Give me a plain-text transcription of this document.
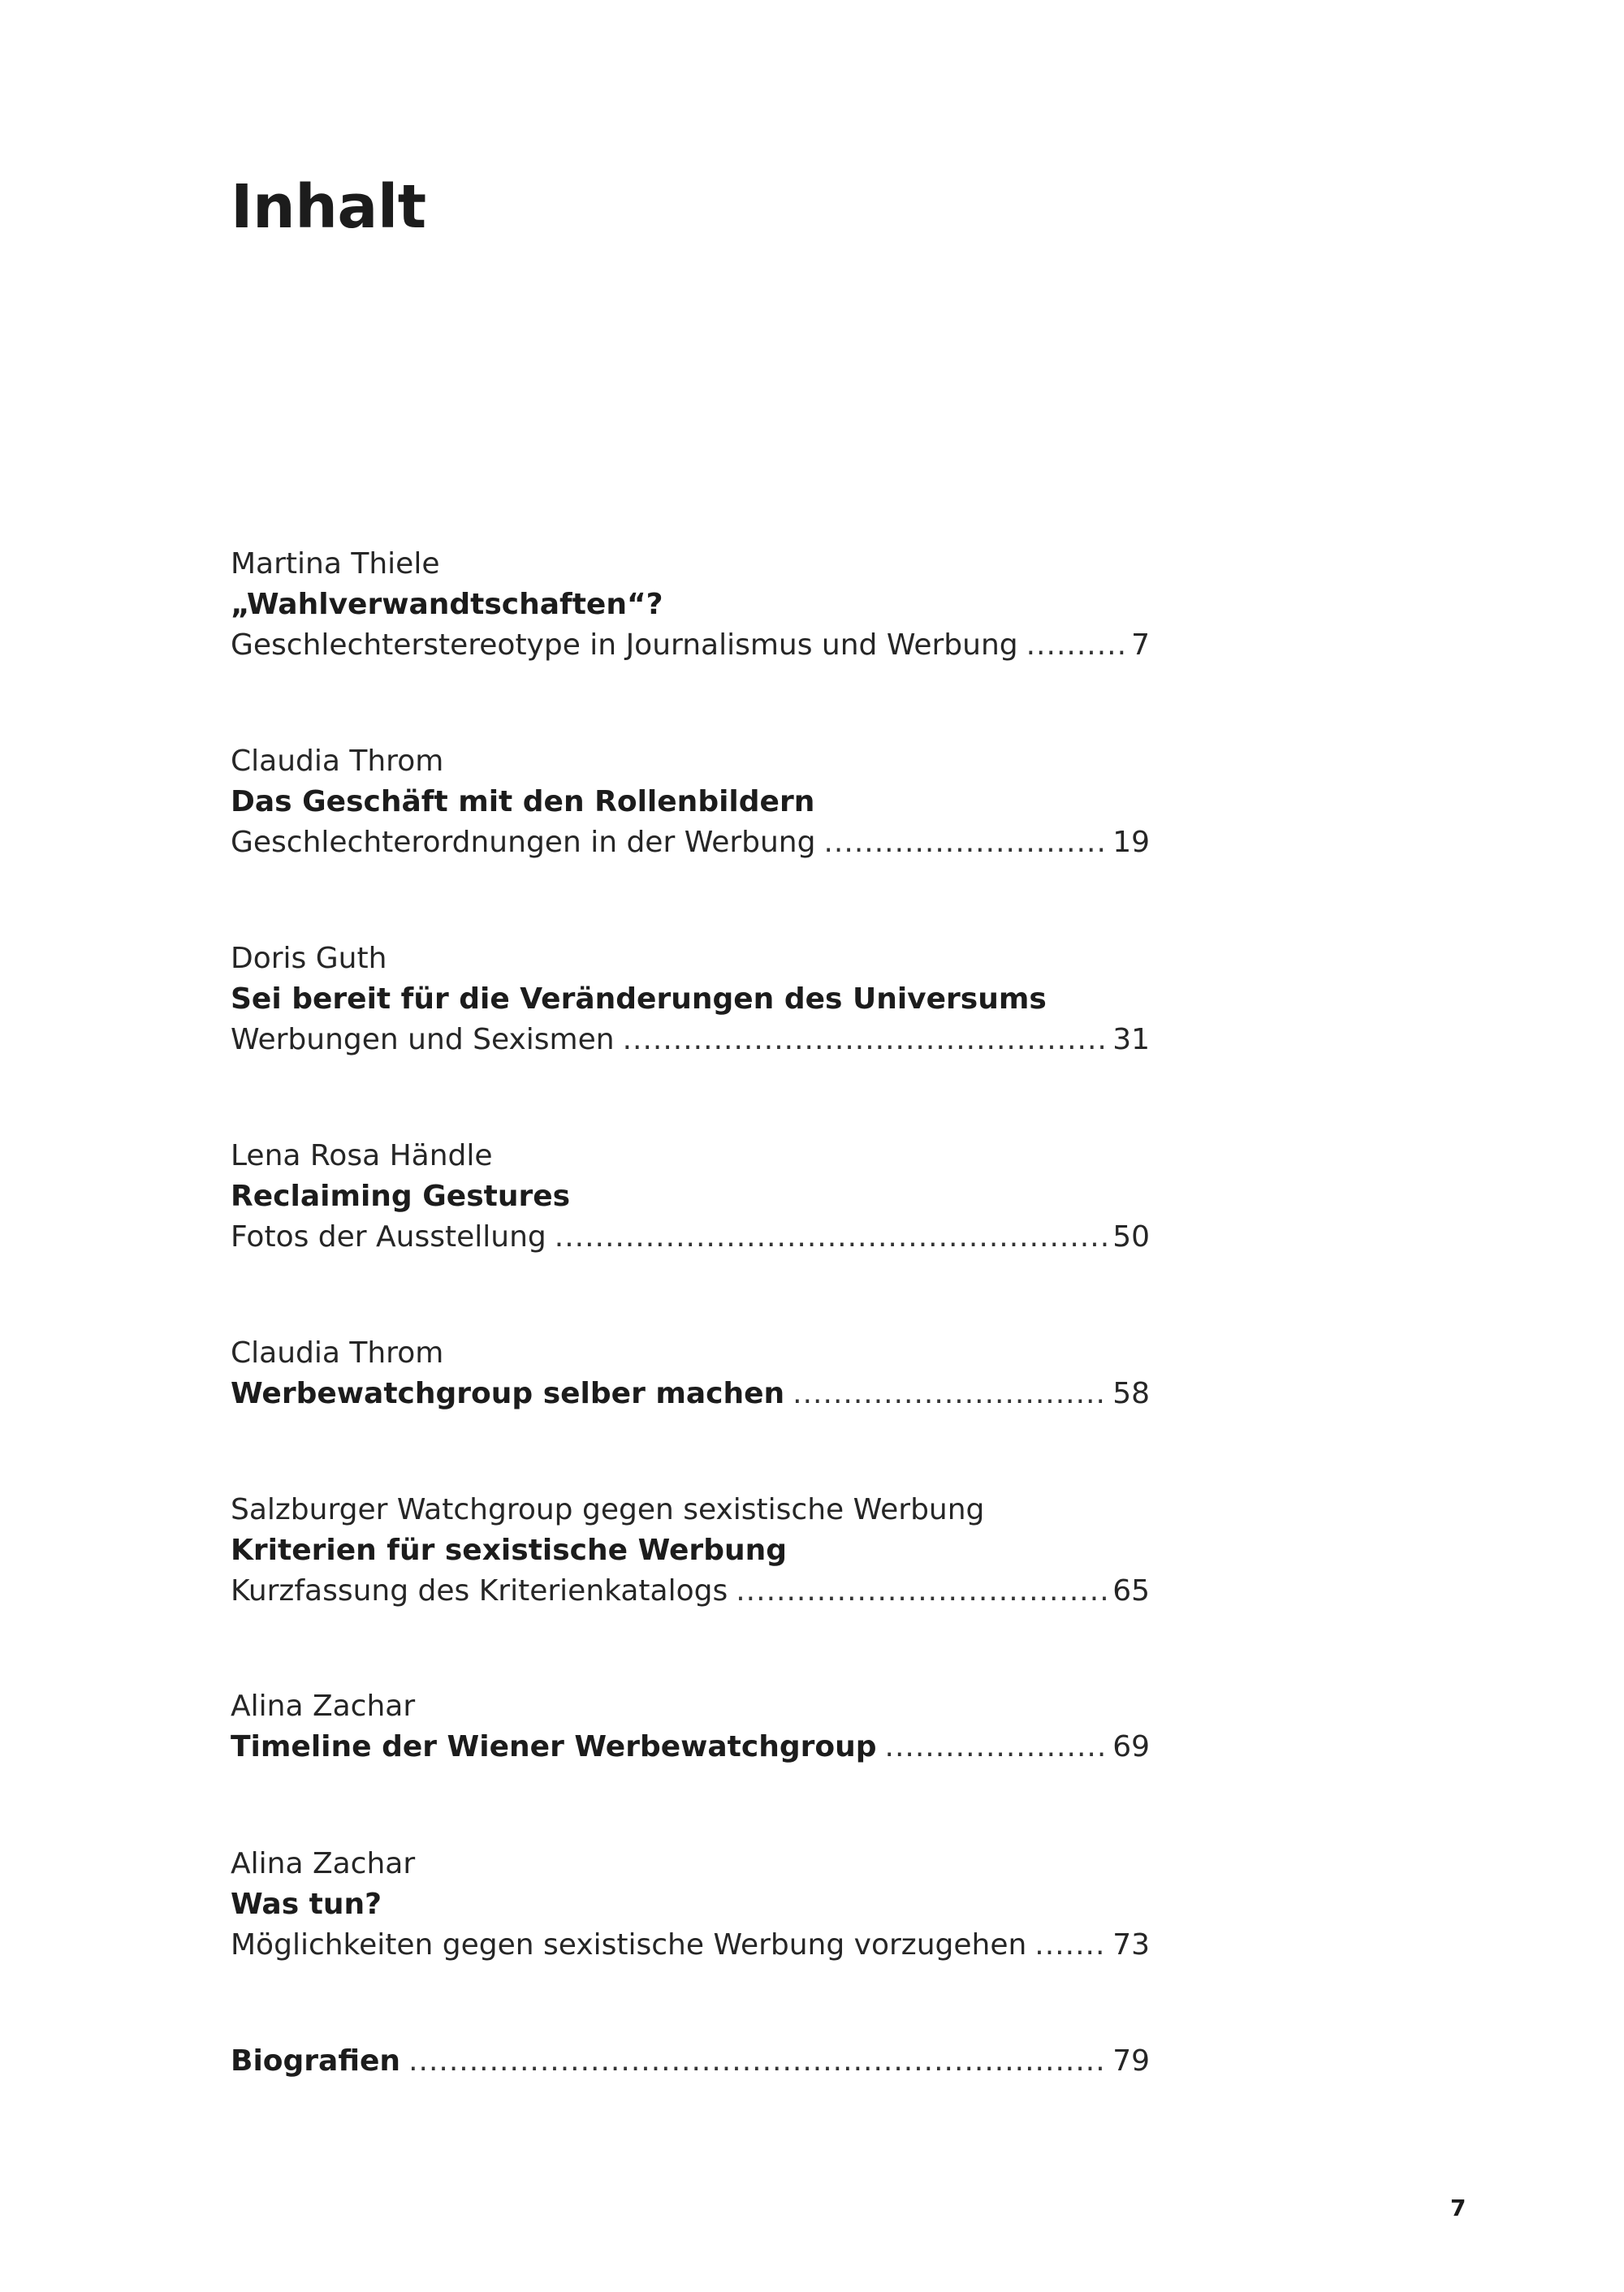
Inhalt
Martina Thiele
„Wahlverwandtschaften“?
Geschlechterstereotype in Journalismus und Werbung .....	7
Claudia Throm
Das Geschäft mit den Rollenbildern
Geschlechterordnungen in der Werbung .....	19
Doris Guth
Sei bereit für die Veränderungen des Universums
Werbungen und Sexismen .....	31
Lena Rosa Händle
Reclaiming Gestures
Fotos der Ausstellung .....	50
Claudia Throm
Werbewatchgroup selber machen .....	58
Salzburger Watchgroup gegen sexistische Werbung
Kriterien für sexistische Werbung
Kurzfassung des Kriterienkatalogs .....	65
Alina Zachar
Timeline der Wiener Werbewatchgroup .....	69
Alina Zachar
Was tun?
Möglichkeiten gegen sexistische Werbung vorzugehen .....	73
Biografien .....	79
7
